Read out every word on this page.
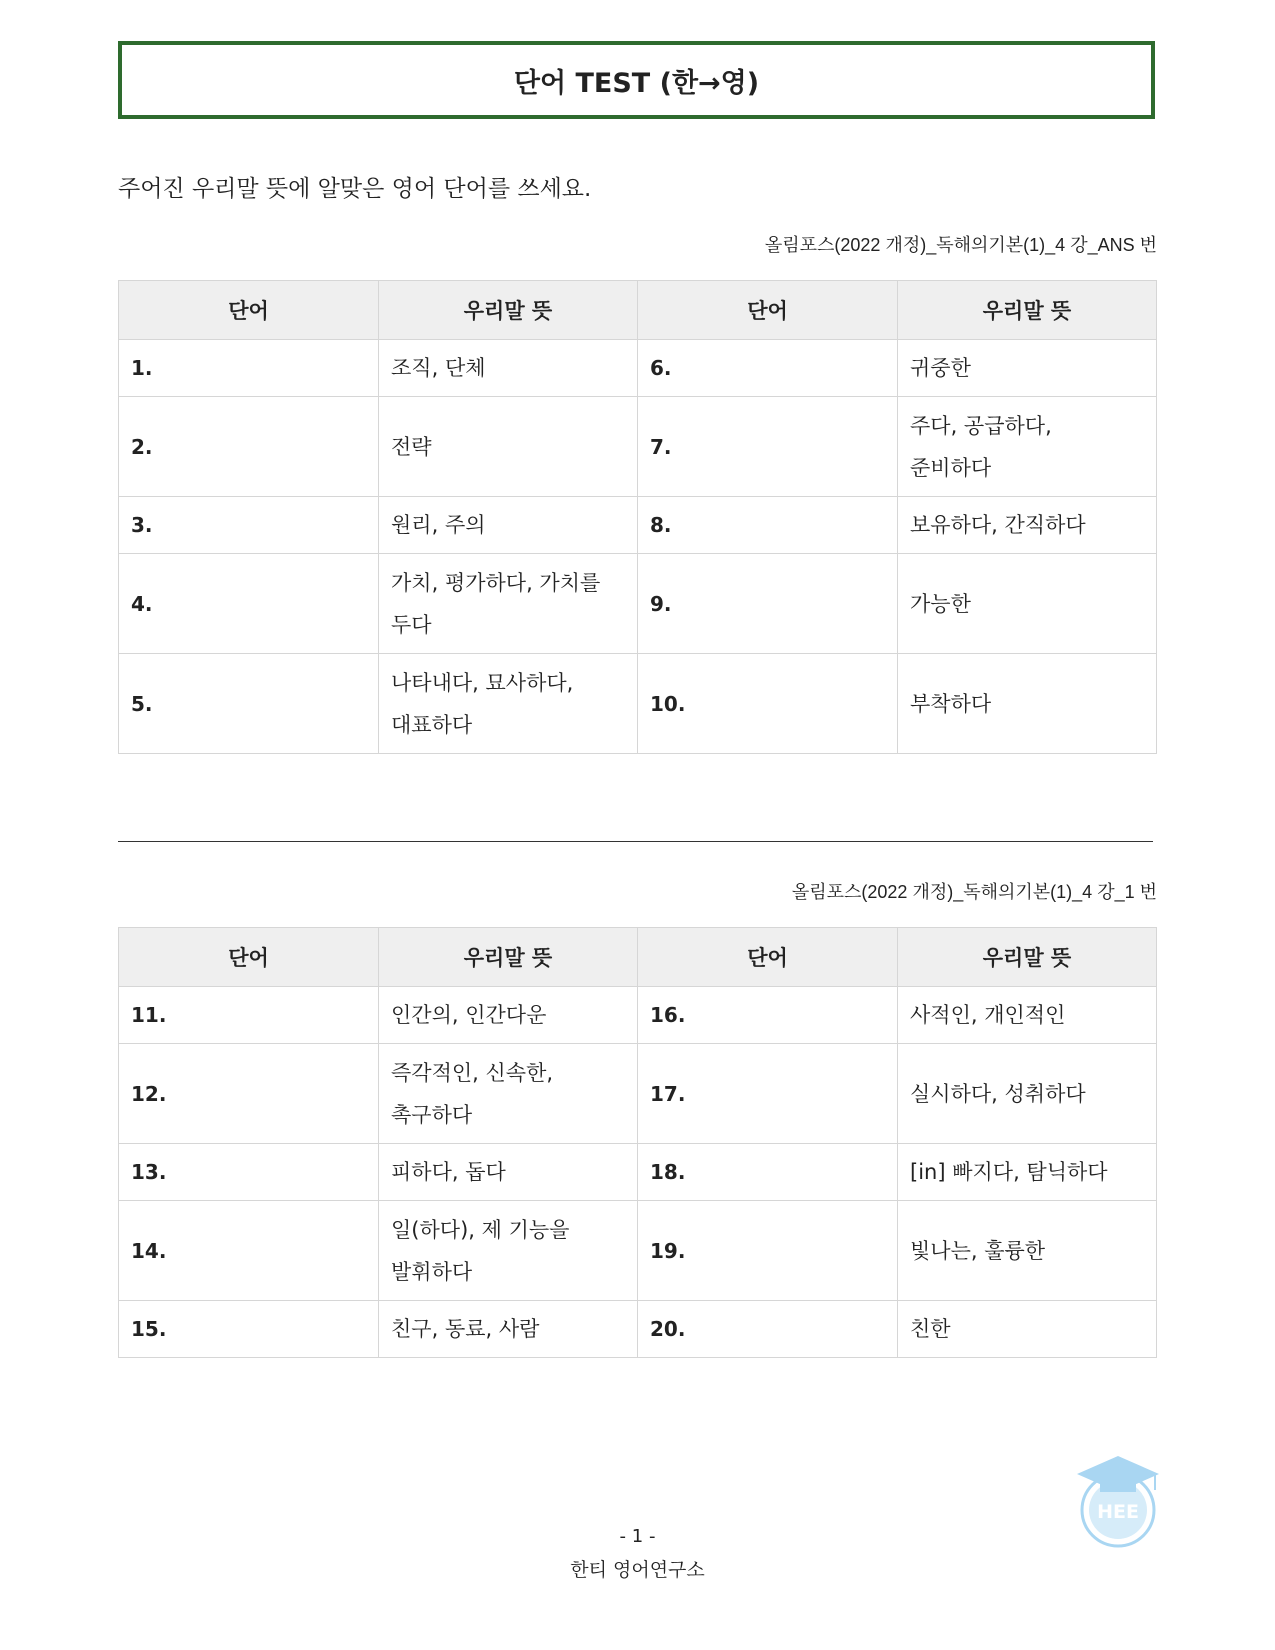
단어 TEST (한→영)
주어진 우리말 뜻에 알맞은 영어 단어를 쓰세요.
올림포스(2022 개정)_독해의기본(1)_4 강_ANS 번
단어	우리말 뜻	단어	우리말 뜻
1.	조직, 단체	6.	귀중한

2.	전략	7.	주다, 공급하다,
준비하다

3.	원리, 주의	8.	보유하다, 간직하다

4.	가치, 평가하다, 가치를
두다	9.	가능한

5.	나타내다, 묘사하다,
대표하다	10.	부착하다
올림포스(2022 개정)_독해의기본(1)_4 강_1 번
단어	우리말 뜻	단어	우리말 뜻
11.	인간의, 인간다운	16.	사적인, 개인적인

12.	즉각적인, 신속한,
촉구하다	17.	실시하다, 성취하다

13.	피하다, 돕다	18.	[in] 빠지다, 탐닉하다

14.	일(하다), 제 기능을
발휘하다	19.	빛나는, 훌륭한

15.	친구, 동료, 사람	20.	친한
HEE
- 1 -
한티 영어연구소
